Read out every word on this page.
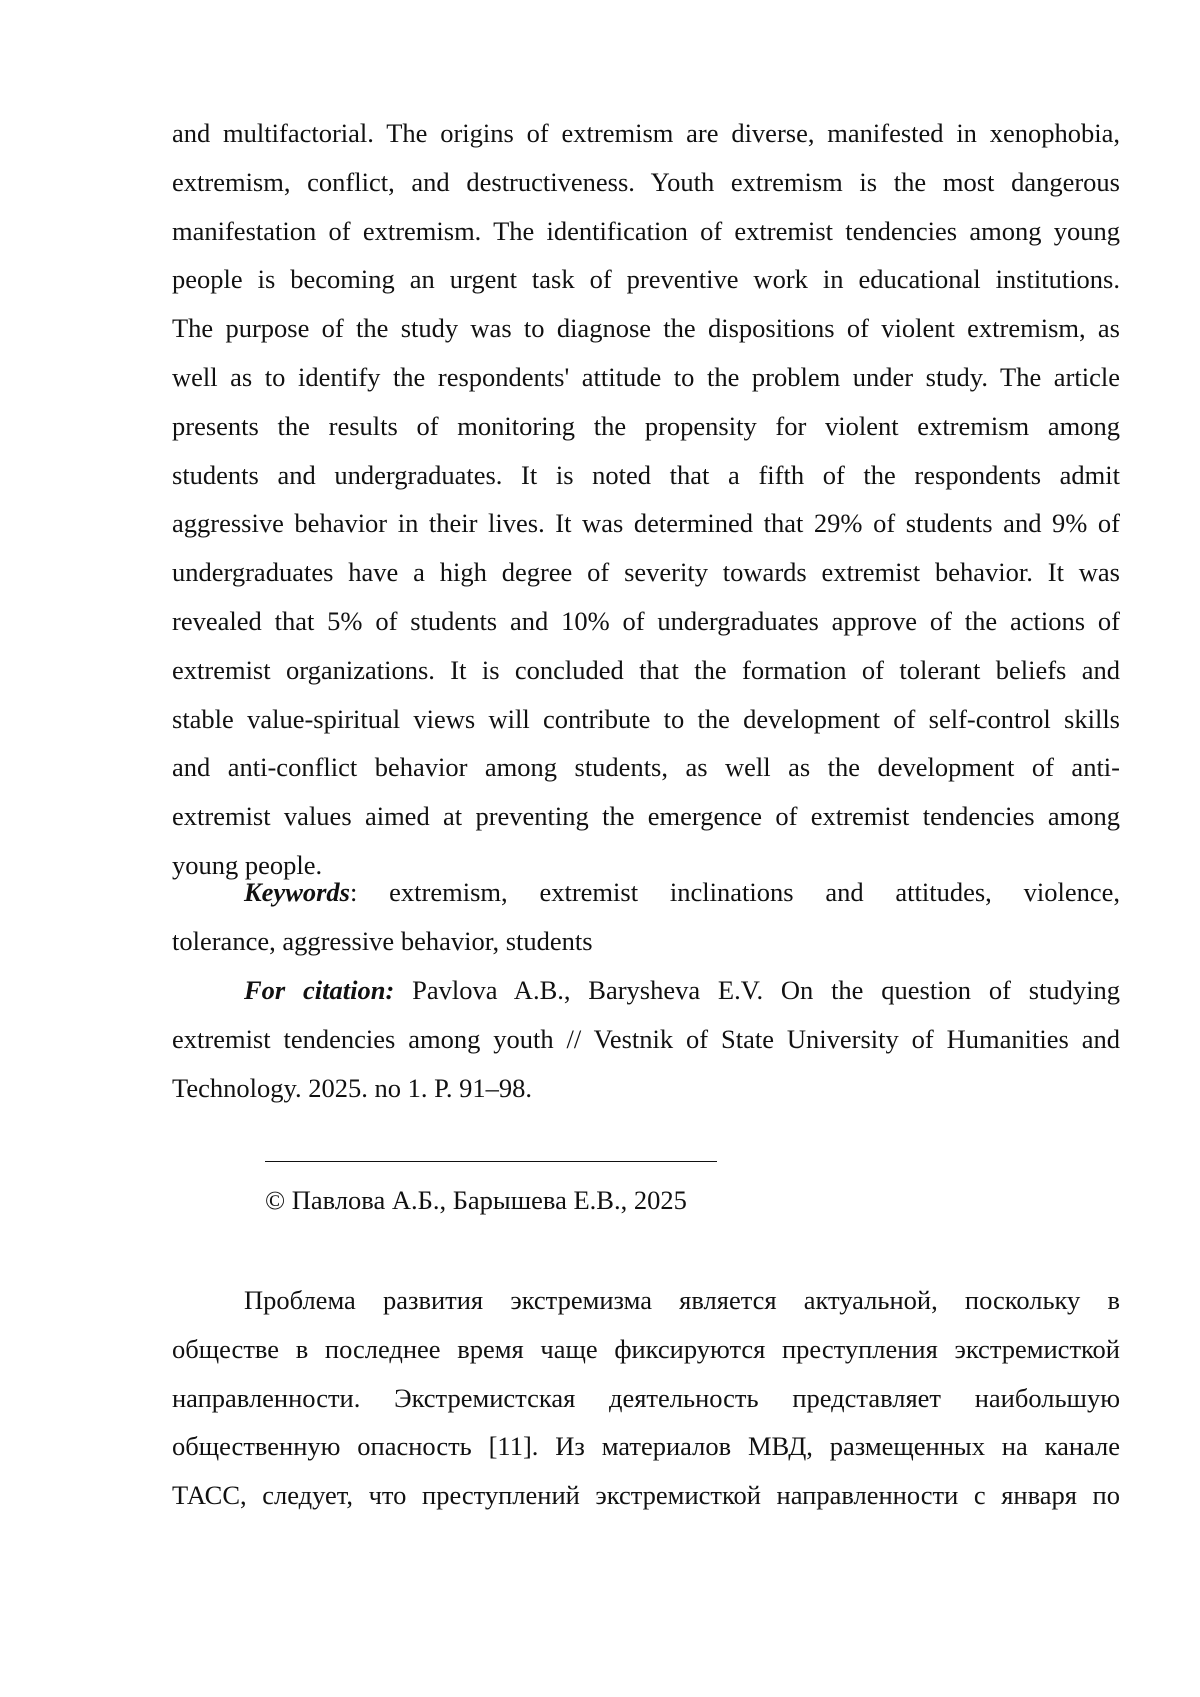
and multifactorial. The origins of extremism are diverse, manifested in xenophobia,
extremism, conflict, and destructiveness. Youth extremism is the most dangerous
manifestation of extremism. The identification of extremist tendencies among young
people is becoming an urgent task of preventive work in educational institutions.
The purpose of the study was to diagnose the dispositions of violent extremism, as
well as to identify the respondents' attitude to the problem under study. The article
presents the results of monitoring the propensity for violent extremism among
students and undergraduates. It is noted that a fifth of the respondents admit
aggressive behavior in their lives. It was determined that 29% of students and 9% of
undergraduates have a high degree of severity towards extremist behavior. It was
revealed that 5% of students and 10% of undergraduates approve of the actions of
extremist organizations. It is concluded that the formation of tolerant beliefs and
stable value-spiritual views will contribute to the development of self-control skills
and anti-conflict behavior among students, as well as the development of anti-
extremist values aimed at preventing the emergence of extremist tendencies among
young people.
Keywords: extremism, extremist inclinations and attitudes, violence,
tolerance, aggressive behavior, students
For citation: Pavlova A.B., Barysheva E.V. On the question of studying
extremist tendencies among youth // Vestnik of State University of Humanities and
Technology. 2025. no 1. P. 91–98.
© Павлова А.Б., Барышева Е.В., 2025
Проблема развития экстремизма является актуальной, поскольку в
обществе в последнее время чаще фиксируются преступления экстремисткой
направленности. Экстремистская деятельность представляет наибольшую
общественную опасность [11]. Из материалов МВД, размещенных на канале
ТАСС, следует, что преступлений экстремисткой направленности с января по
